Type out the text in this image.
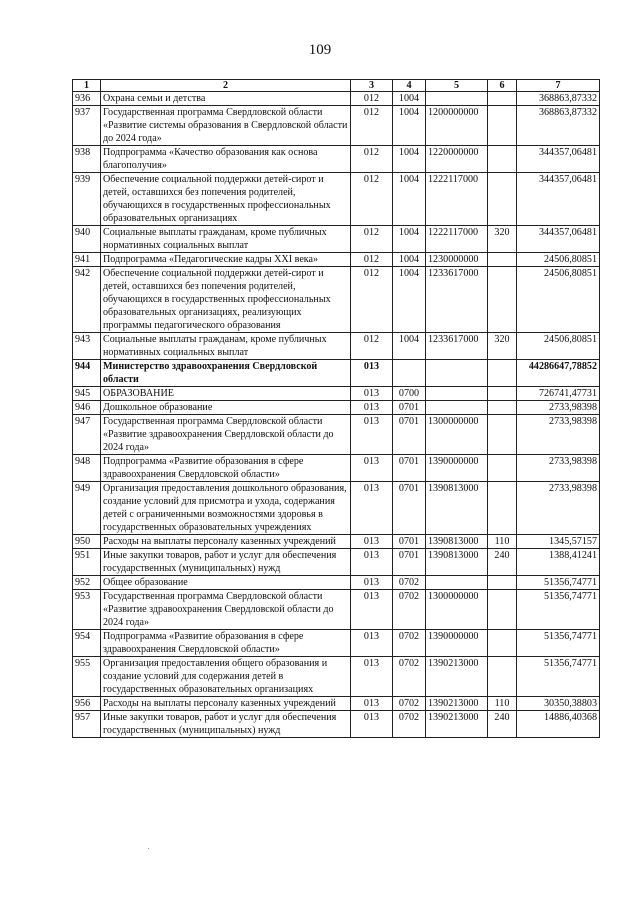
109
1	2	3	4	5	6	7
936	Охрана семьи и детства	012	1004			368863,87332
937	Государственная программа Свердловской области «Развитие системы образования в Свердловской области до 2024 года»	012	1004	1200000000		368863,87332
938	Подпрограмма «Качество образования как основа благополучия»	012	1004	1220000000		344357,06481
939	Обеспечение социальной поддержки детей-сирот и детей, оставшихся без попечения родителей, обучающихся в государственных профессиональных образовательных организациях	012	1004	1222117000		344357,06481
940	Социальные выплаты гражданам, кроме публичных нормативных социальных выплат	012	1004	1222117000	320	344357,06481
941	Подпрограмма «Педагогические кадры XXI века»	012	1004	1230000000		24506,80851
942	Обеспечение социальной поддержки детей-сирот и детей, оставшихся без попечения родителей, обучающихся в государственных профессиональных образовательных организациях, реализующих программы педагогического образования	012	1004	1233617000		24506,80851
943	Социальные выплаты гражданам, кроме публичных нормативных социальных выплат	012	1004	1233617000	320	24506,80851
944	Министерство здравоохранения Свердловской области	013				44286647,78852
945	ОБРАЗОВАНИЕ	013	0700			726741,47731
946	Дошкольное образование	013	0701			2733,98398
947	Государственная программа Свердловской области «Развитие здравоохранения Свердловской области до 2024 года»	013	0701	1300000000		2733,98398
948	Подпрограмма «Развитие образования в сфере здравоохранения Свердловской области»	013	0701	1390000000		2733,98398
949	Организация предоставления дошкольного образования, создание условий для присмотра и ухода, содержания детей с ограниченными возможностями здоровья в государственных образовательных учреждениях	013	0701	1390813000		2733,98398
950	Расходы на выплаты персоналу казенных учреждений	013	0701	1390813000	110	1345,57157
951	Иные закупки товаров, работ и услуг для обеспечения государственных (муниципальных) нужд	013	0701	1390813000	240	1388,41241
952	Общее образование	013	0702			51356,74771
953	Государственная программа Свердловской области «Развитие здравоохранения Свердловской области до 2024 года»	013	0702	1300000000		51356,74771
954	Подпрограмма «Развитие образования в сфере здравоохранения Свердловской области»	013	0702	1390000000		51356,74771
955	Организация предоставления общего образования и создание условий для содержания детей в государственных образовательных организациях	013	0702	1390213000		51356,74771
956	Расходы на выплаты персоналу казенных учреждений	013	0702	1390213000	110	30350,38803
957	Иные закупки товаров, работ и услуг для обеспечения государственных (муниципальных) нужд	013	0702	1390213000	240	14886,40368
